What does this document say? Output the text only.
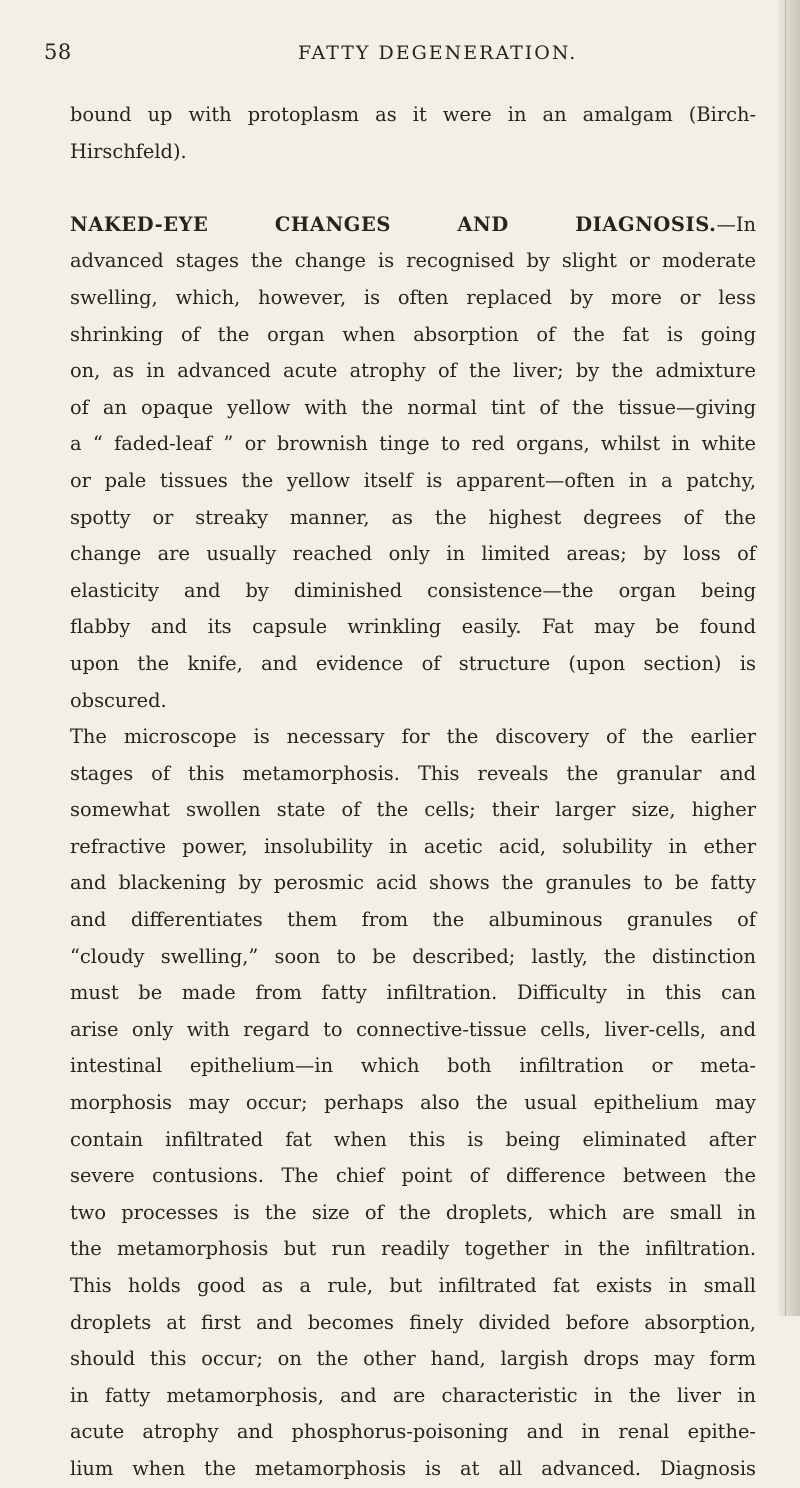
58	FATTY DEGENERATION.
bound up with protoplasm as it were in an amalgam (Birch-
Hirschfeld).
NAKED-EYE CHANGES AND DIAGNOSIS.—In
advanced stages the change is recognised by slight or moderate
swelling, which, however, is often replaced by more or less
shrinking of the organ when absorption of the fat is going
on, as in advanced acute atrophy of the liver; by the admixture
of an opaque yellow with the normal tint of the tissue—giving
a “ faded-leaf ” or brownish tinge to red organs, whilst in white
or pale tissues the yellow itself is apparent—often in a patchy,
spotty or streaky manner, as the highest degrees of the
change are usually reached only in limited areas; by loss of
elasticity and by diminished consistence—the organ being
flabby and its capsule wrinkling easily. Fat may be found
upon the knife, and evidence of structure (upon section) is
obscured.
The microscope is necessary for the discovery of the earlier
stages of this metamorphosis. This reveals the granular and
somewhat swollen state of the cells; their larger size, higher
refractive power, insolubility in acetic acid, solubility in ether
and blackening by perosmic acid shows the granules to be fatty
and differentiates them from the albuminous granules of
“cloudy swelling,” soon to be described; lastly, the distinction
must be made from fatty infiltration. Difficulty in this can
arise only with regard to connective-tissue cells, liver-cells, and
intestinal epithelium—in which both infiltration or meta-
morphosis may occur; perhaps also the usual epithelium may
contain infiltrated fat when this is being eliminated after
severe contusions. The chief point of difference between the
two processes is the size of the droplets, which are small in
the metamorphosis but run readily together in the infiltration.
This holds good as a rule, but infiltrated fat exists in small
droplets at first and becomes finely divided before absorption,
should this occur; on the other hand, largish drops may form
in fatty metamorphosis, and are characteristic in the liver in
acute atrophy and phosphorus-poisoning and in renal epithe-
lium when the metamorphosis is at all advanced. Diagnosis
